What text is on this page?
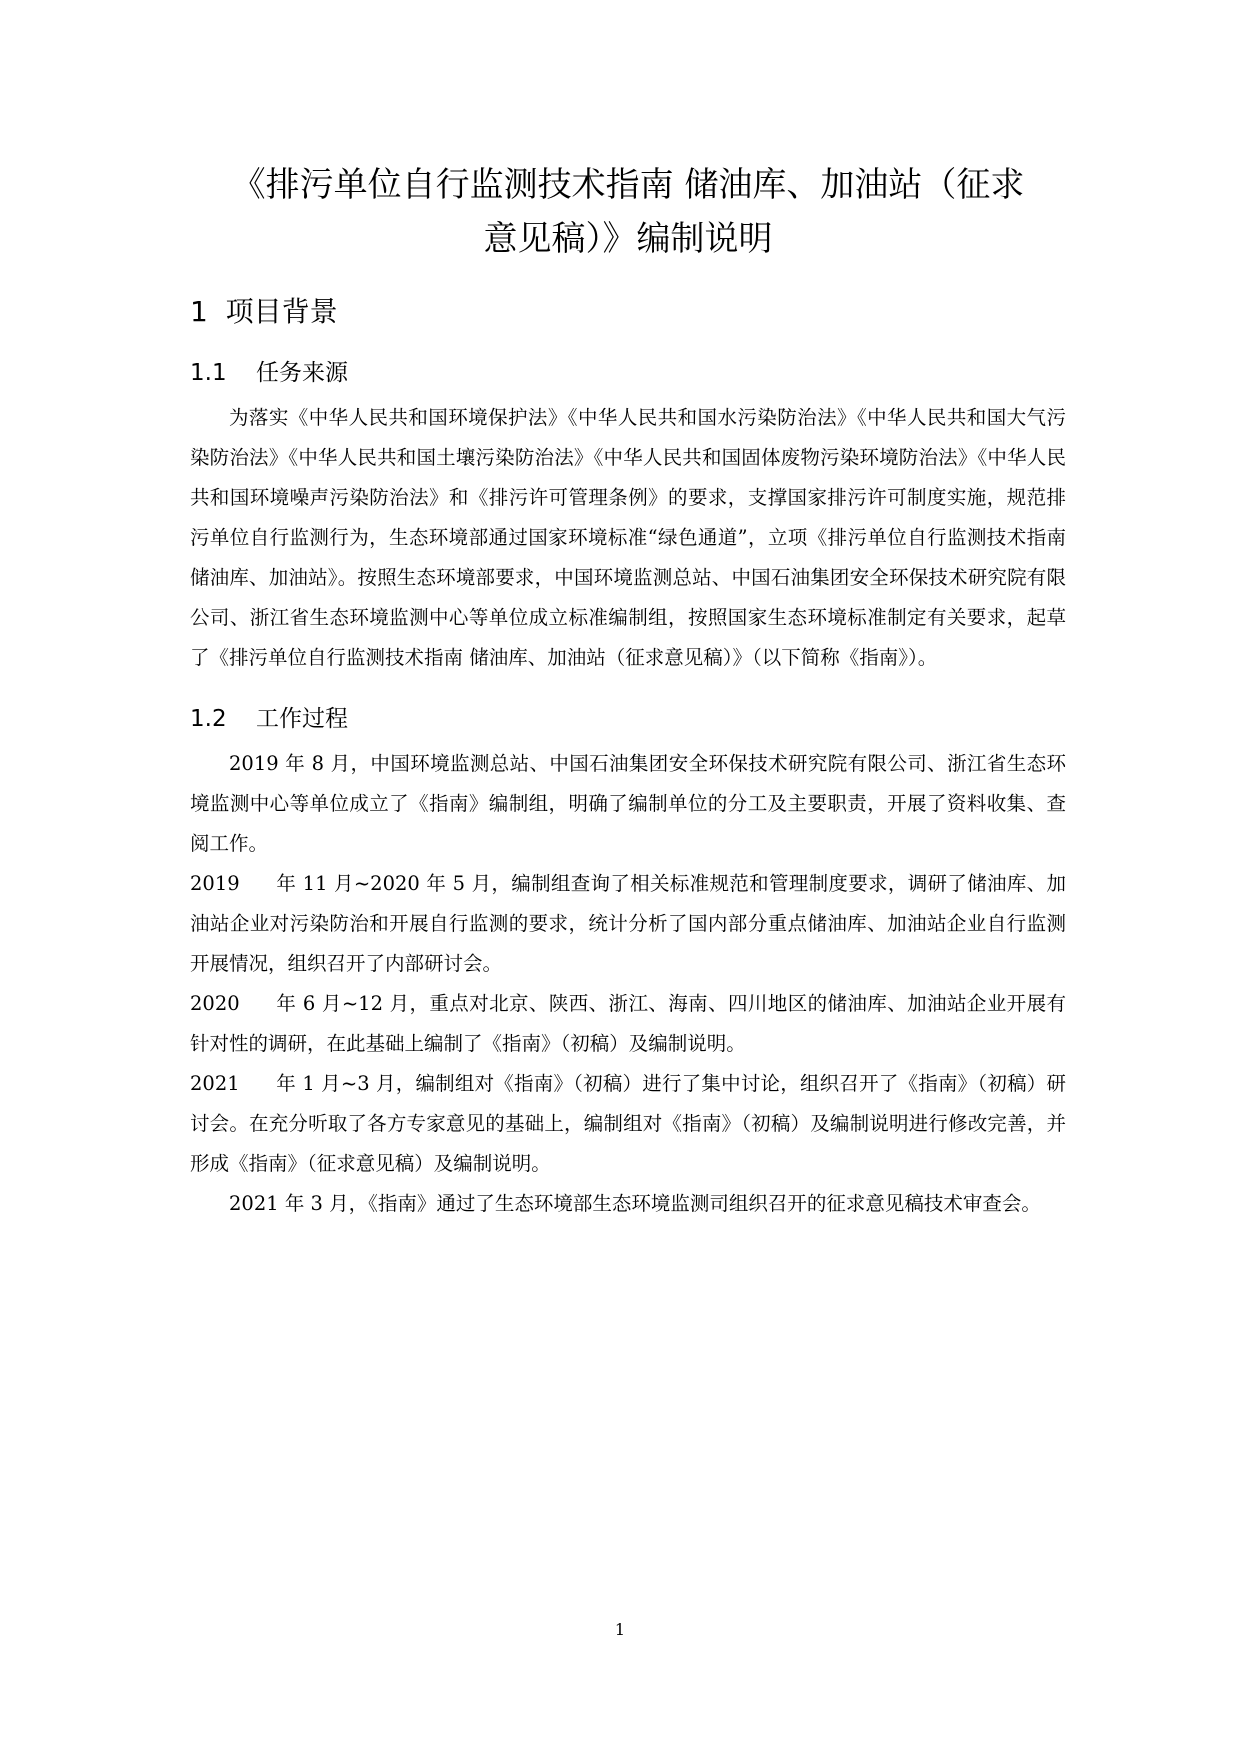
《排污单位自行监测技术指南 储油库、加油站（征求
意见稿）》编制说明
1 项目背景
1.1 任务来源

为落实《中华人民共和国环境保护法》《中华人民共和国水污染防治法》《中华人民共和国大气污染防治法》《中华人民共和国土壤污染防治法》《中华人民共和国固体废物污染环境防治法》《中华人民共和国环境噪声污染防治法》和《排污许可管理条例》的要求，支撑国家排污许可制度实施，规范排污单位自行监测行为，生态环境部通过国家环境标准“绿色通道”，立项《排污单位自行监测技术指南 储油库、加油站》。按照生态环境部要求，中国环境监测总站、中国石油集团安全环保技术研究院有限公司、浙江省生态环境监测中心等单位成立标准编制组，按照国家生态环境标准制定有关要求，起草了《排污单位自行监测技术指南 储油库、加油站（征求意见稿）》（以下简称《指南》）。

1.2 工作过程

2019 年 8 月，中国环境监测总站、中国石油集团安全环保技术研究院有限公司、浙江省生态环境监测中心等单位成立了《指南》编制组，明确了编制单位的分工及主要职责，开展了资料收集、查阅工作。

2019 年 11 月~2020 年 5 月，编制组查询了相关标准规范和管理制度要求，调研了储油库、加油站企业对污染防治和开展自行监测的要求，统计分析了国内部分重点储油库、加油站企业自行监测开展情况，组织召开了内部研讨会。

2020 年 6 月~12 月，重点对北京、陕西、浙江、海南、四川地区的储油库、加油站企业开展有针对性的调研，在此基础上编制了《指南》（初稿）及编制说明。

2021 年 1 月~3 月，编制组对《指南》（初稿）进行了集中讨论，组织召开了《指南》（初稿）研讨会。在充分听取了各方专家意见的基础上，编制组对《指南》（初稿）及编制说明进行修改完善，并形成《指南》（征求意见稿）及编制说明。

2021 年 3 月，《指南》通过了生态环境部生态环境监测司组织召开的征求意见稿技术审查会。

1
